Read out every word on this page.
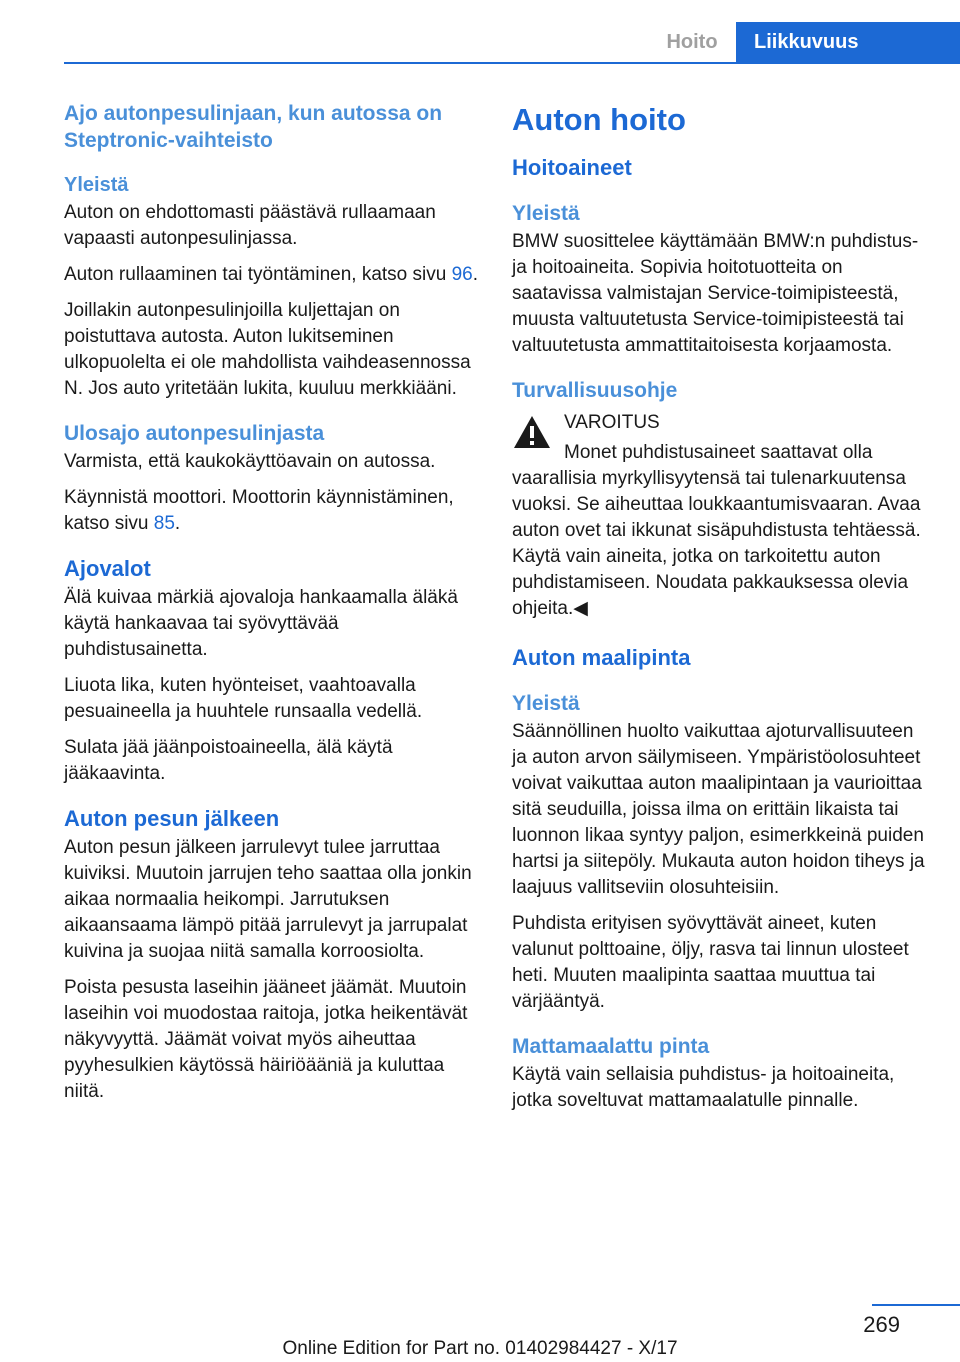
Hoito	Liikkuvuus
Ajo autonpesulinjaan, kun autossa on Steptronic-vaihteisto
Yleistä

Auton on ehdottomasti päästävä rullaamaan vapaasti autonpesulinjassa.

Auton rullaaminen tai työntäminen, katso sivu 96.

Joillakin autonpesulinjoilla kuljettajan on poistuttava autosta. Auton lukitseminen ulkopuolelta ei ole mahdollista vaihdeasennossa N. Jos auto yritetään lukita, kuuluu merkkiääni.

Ulosajo autonpesulinjasta

Varmista, että kaukokäyttöavain on autossa.

Käynnistä moottori. Moottorin käynnistäminen, katso sivu 85.

Ajovalot

Älä kuivaa märkiä ajovaloja hankaamalla äläkä käytä hankaavaa tai syövyttävää puhdistusainetta.

Liuota lika, kuten hyönteiset, vaahtoavalla pesuaineella ja huuhtele runsaalla vedellä.

Sulata jää jäänpoistoaineella, älä käytä jääkaavinta.

Auton pesun jälkeen

Auton pesun jälkeen jarrulevyt tulee jarruttaa kuiviksi. Muutoin jarrujen teho saattaa olla jonkin aikaa normaalia heikompi. Jarrutuksen aikaansaama lämpö pitää jarrulevyt ja jarrupalat kuivina ja suojaa niitä samalla korroosiolta.

Poista pesusta laseihin jääneet jäämät. Muutoin laseihin voi muodostaa raitoja, jotka heikentävät näkyvyyttä. Jäämät voivat myös aiheuttaa pyyhesulkien käytössä häiriöääniä ja kuluttaa niitä.

Auton hoito
Hoitoaineet
Yleistä

BMW suosittelee käyttämään BMW:n puhdistus- ja hoitoaineita. Sopivia hoitotuotteita on saatavissa valmistajan Service-toimipisteestä, muusta valtuutetusta Service-toimipisteestä tai valtuutetusta ammattitaitoisesta korjaamosta.

Turvallisuusohje

VAROITUS

Monet puhdistusaineet saattavat olla vaarallisia myrkyllisyytensä tai tulenarkuutensa vuoksi. Se aiheuttaa loukkaantumisvaaran. Avaa auton ovet tai ikkunat sisäpuhdistusta tehtäessä. Käytä vain aineita, jotka on tarkoitettu auton puhdistamiseen. Noudata pakkauksessa olevia ohjeita.◀

Auton maalipinta
Yleistä

Säännöllinen huolto vaikuttaa ajoturvallisuuteen ja auton arvon säilymiseen. Ympäristöolosuhteet voivat vaikuttaa auton maalipintaan ja vaurioittaa sitä seuduilla, joissa ilma on erittäin likaista tai luonnon likaa syntyy paljon, esimerkkeinä puiden hartsi ja siitepöly. Mukauta auton hoidon tiheys ja laajuus vallitseviin olosuhteisiin.

Puhdista erityisen syövyttävät aineet, kuten valunut polttoaine, öljy, rasva tai linnun ulosteet heti. Muuten maalipinta saattaa muuttua tai värjääntyä.

Mattamaalattu pinta

Käytä vain sellaisia puhdistus- ja hoitoaineita, jotka soveltuvat mattamaalatulle pinnalle.

269
Online Edition for Part no. 01402984427 - X/17
